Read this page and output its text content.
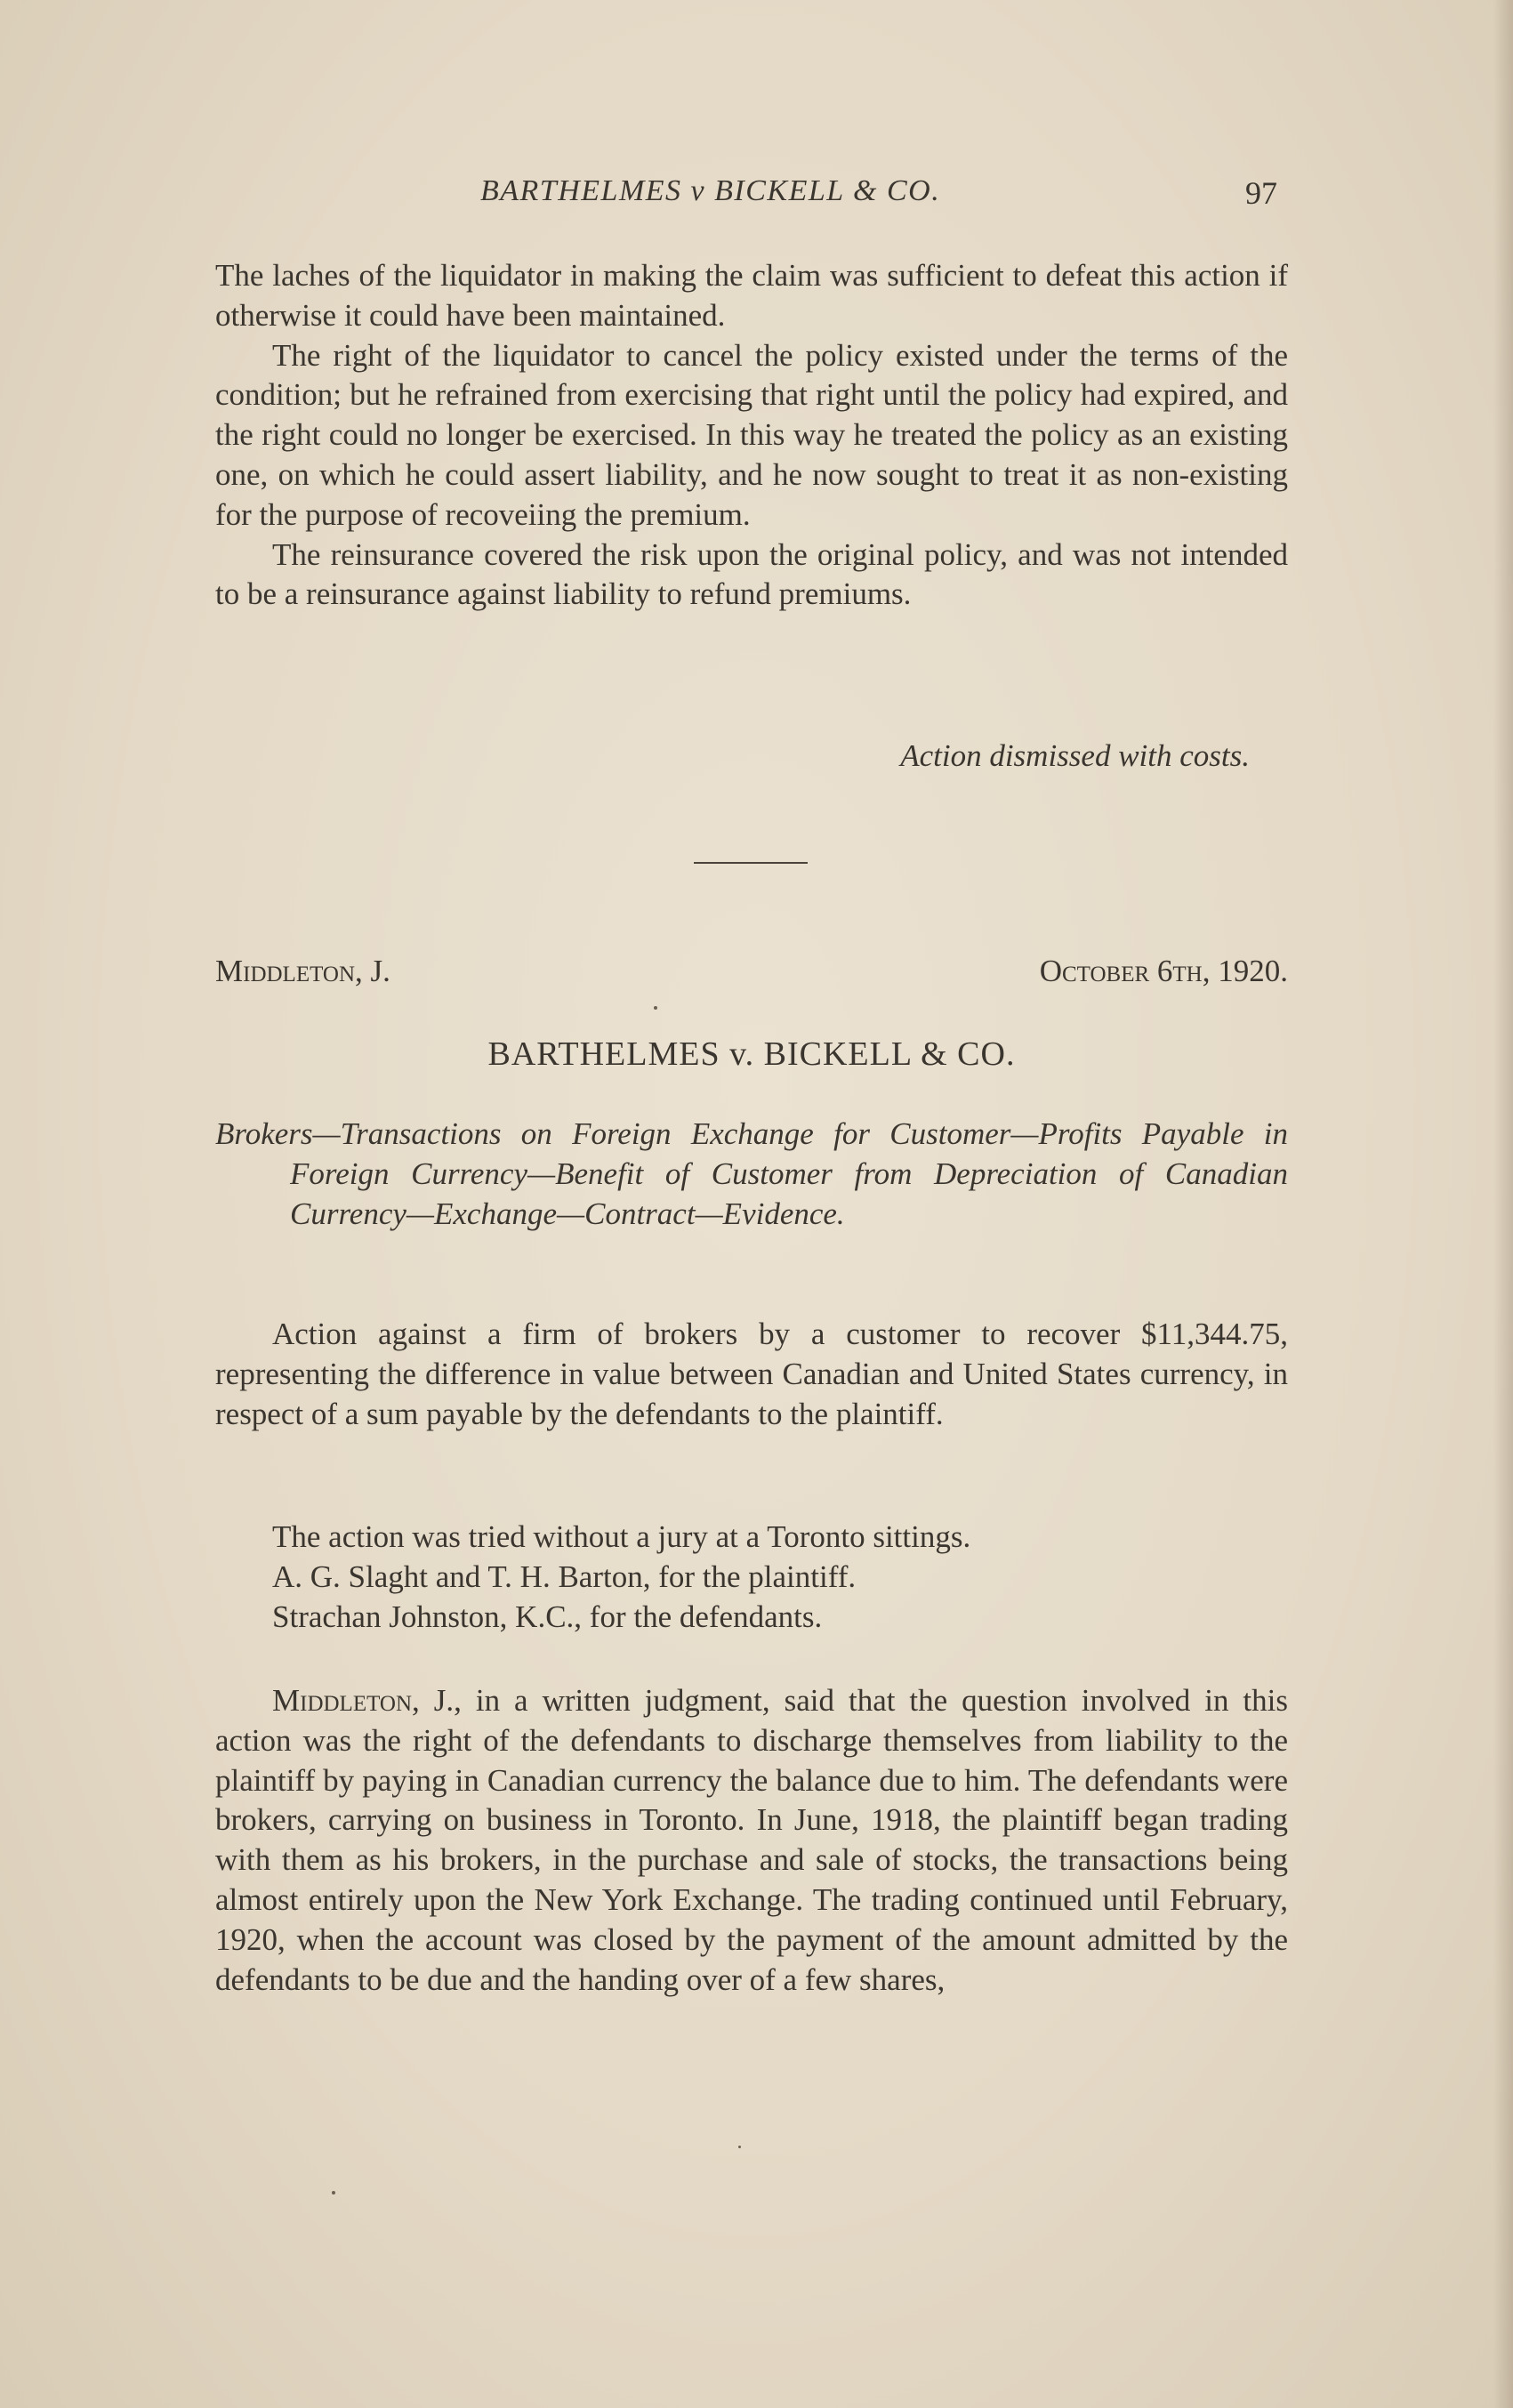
BARTHELMES v BICKELL & CO.	97

The laches of the liquidator in making the claim was sufficient to defeat this action if otherwise it could have been maintained.

The right of the liquidator to cancel the policy existed under the terms of the condition; but he refrained from exercising that right until the policy had expired, and the right could no longer be exercised. In this way he treated the policy as an existing one, on which he could assert liability, and he now sought to treat it as non-existing for the purpose of recoveiing the premium.

The reinsurance covered the risk upon the original policy, and was not intended to be a reinsurance against liability to refund premiums.

Action dismissed with costs.
Middleton, J.	October 6th, 1920.
BARTHELMES v. BICKELL & CO.

Brokers—Transactions on Foreign Exchange for Customer—Profits Payable in Foreign Currency—Benefit of Customer from Depreciation of Canadian Currency—Exchange—Contract—Evidence.

Action against a firm of brokers by a customer to recover $11,344.75, representing the difference in value between Canadian and United States currency, in respect of a sum payable by the defendants to the plaintiff.

The action was tried without a jury at a Toronto sittings.

A. G. Slaght and T. H. Barton, for the plaintiff.

Strachan Johnston, K.C., for the defendants.

Middleton, J., in a written judgment, said that the question involved in this action was the right of the defendants to discharge themselves from liability to the plaintiff by paying in Canadian currency the balance due to him. The defendants were brokers, carrying on business in Toronto. In June, 1918, the plaintiff began trading with them as his brokers, in the purchase and sale of stocks, the transactions being almost entirely upon the New York Exchange. The trading continued until February, 1920, when the account was closed by the payment of the amount admitted by the defendants to be due and the handing over of a few shares,
